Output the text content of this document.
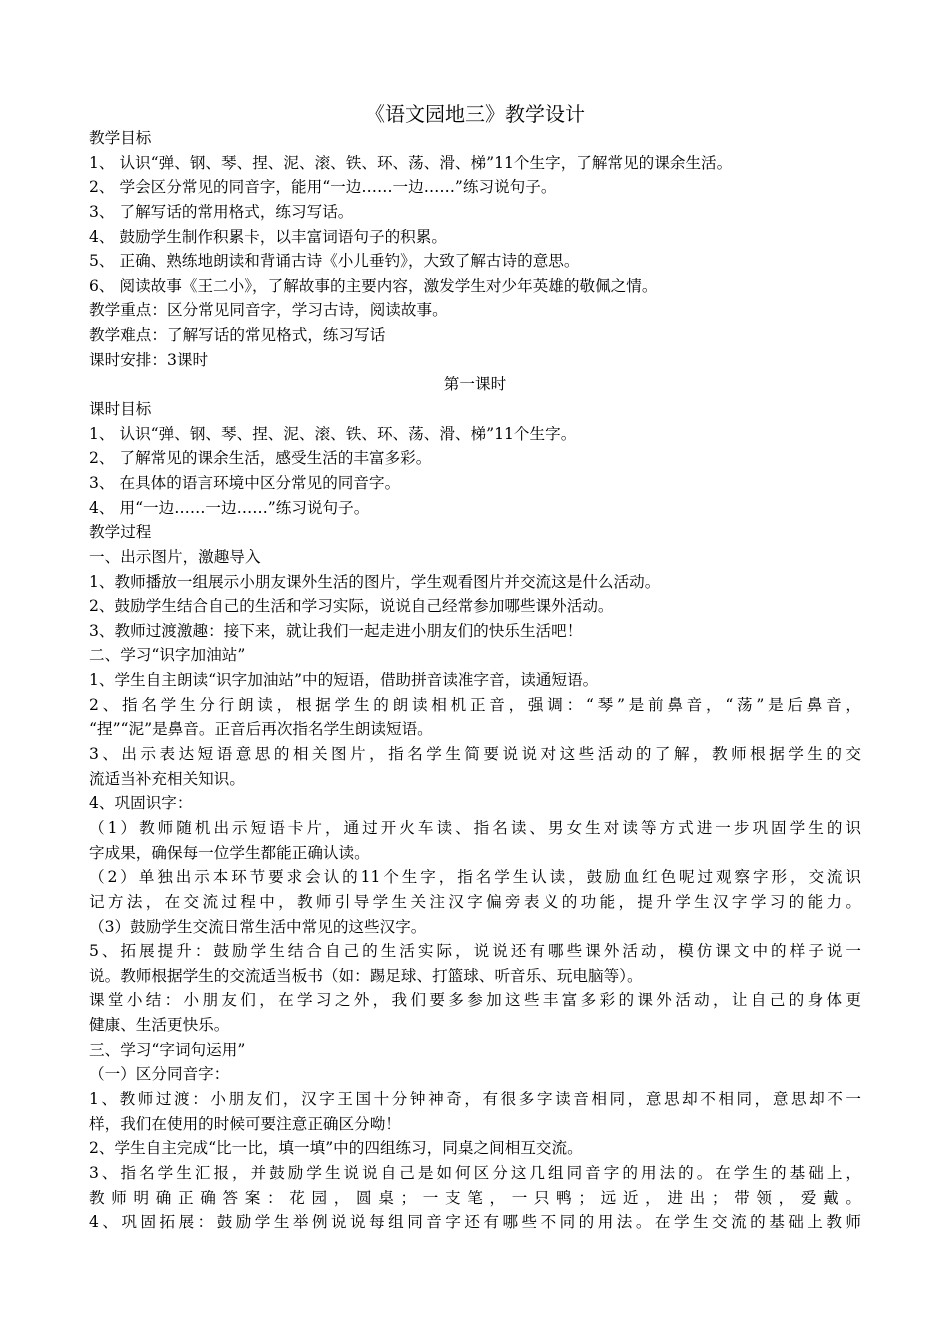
《语文园地三》教学设计
教学目标
1、 认识“弹、钢、琴、捏、泥、滚、铁、环、荡、滑、梯”11个生字，了解常见的课余生活。
2、 学会区分常见的同音字，能用“一边……一边……”练习说句子。
3、 了解写话的常用格式，练习写话。
4、 鼓励学生制作积累卡，以丰富词语句子的积累。
5、 正确、熟练地朗读和背诵古诗《小儿垂钓》，大致了解古诗的意思。
6、 阅读故事《王二小》，了解故事的主要内容，激发学生对少年英雄的敬佩之情。
教学重点：区分常见同音字，学习古诗，阅读故事。
教学难点：了解写话的常见格式，练习写话
课时安排：3课时
第一课时
课时目标
1、 认识“弹、钢、琴、捏、泥、滚、铁、环、荡、滑、梯”11个生字。
2、 了解常见的课余生活，感受生活的丰富多彩。
3、 在具体的语言环境中区分常见的同音字。
4、 用“一边……一边……”练习说句子。
教学过程
一、出示图片，激趣导入
1、教师播放一组展示小朋友课外生活的图片，学生观看图片并交流这是什么活动。
2、鼓励学生结合自己的生活和学习实际，说说自己经常参加哪些课外活动。
3、教师过渡激趣：接下来，就让我们一起走进小朋友们的快乐生活吧！
二、学习“识字加油站”
1、学生自主朗读“识字加油站”中的短语，借助拼音读准字音，读通短语。
2、指名学生分行朗读，根据学生的朗读相机正音，强调：“琴”是前鼻音，“荡”是后鼻音，
“捏”“泥”是鼻音。正音后再次指名学生朗读短语。
3、出示表达短语意思的相关图片，指名学生简要说说对这些活动的了解，教师根据学生的交
流适当补充相关知识。
4、巩固识字：
（1）教师随机出示短语卡片，通过开火车读、指名读、男女生对读等方式进一步巩固学生的识
字成果，确保每一位学生都能正确认读。
（2）单独出示本环节要求会认的11个生字，指名学生认读，鼓励血红色呢过观察字形，交流识
记方法，在交流过程中，教师引导学生关注汉字偏旁表义的功能，提升学生汉字学习的能力。
（3）鼓励学生交流日常生活中常见的这些汉字。
5、拓展提升：鼓励学生结合自己的生活实际，说说还有哪些课外活动，模仿课文中的样子说一
说。教师根据学生的交流适当板书（如：踢足球、打篮球、听音乐、玩电脑等）。
课堂小结：小朋友们，在学习之外，我们要多参加这些丰富多彩的课外活动，让自己的身体更
健康、生活更快乐。
三、学习“字词句运用”
（一）区分同音字：
1、教师过渡：小朋友们，汉字王国十分钟神奇，有很多字读音相同，意思却不相同，意思却不一
样，我们在使用的时候可要注意正确区分呦！
2、学生自主完成“比一比，填一填”中的四组练习，同桌之间相互交流。
3、指名学生汇报，并鼓励学生说说自己是如何区分这几组同音字的用法的。在学生的基础上，
教师明确正确答案：花园，圆桌；一支笔，一只鸭；远近，进出；带领，爱戴。
4、巩固拓展：鼓励学生举例说说每组同音字还有哪些不同的用法。在学生交流的基础上教师
